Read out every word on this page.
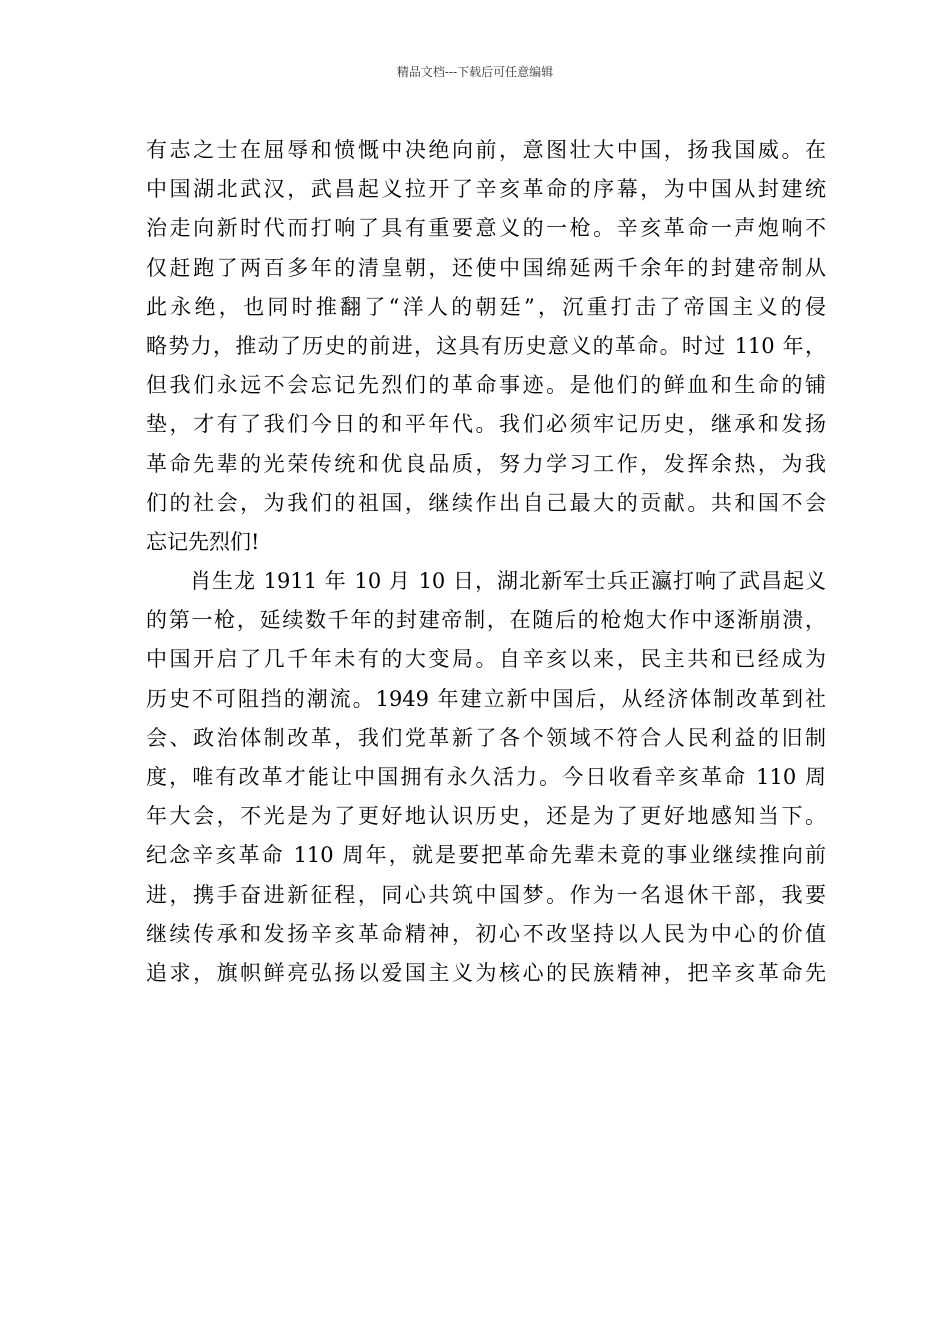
精品文档---下载后可任意编辑
有志之士在屈辱和愤慨中决绝向前，意图壮大中国，扬我国威。在
中国湖北武汉，武昌起义拉开了辛亥革命的序幕，为中国从封建统
治走向新时代而打响了具有重要意义的一枪。辛亥革命一声炮响不
仅赶跑了两百多年的清皇朝，还使中国绵延两千余年的封建帝制从
此永绝，也同时推翻了“洋人的朝廷”，沉重打击了帝国主义的侵
略势力，推动了历史的前进，这具有历史意义的革命。时过 110 年，
但我们永远不会忘记先烈们的革命事迹。是他们的鲜血和生命的铺
垫，才有了我们今日的和平年代。我们必须牢记历史，继承和发扬
革命先辈的光荣传统和优良品质，努力学习工作，发挥余热，为我
们的社会，为我们的祖国，继续作出自己最大的贡献。共和国不会
忘记先烈们!
肖生龙 1911 年 10 月 10 日，湖北新军士兵正瀛打响了武昌起义
的第一枪，延续数千年的封建帝制，在随后的枪炮大作中逐渐崩溃，
中国开启了几千年未有的大变局。自辛亥以来，民主共和已经成为
历史不可阻挡的潮流。1949 年建立新中国后，从经济体制改革到社
会、政治体制改革，我们党革新了各个领域不符合人民利益的旧制
度，唯有改革才能让中国拥有永久活力。今日收看辛亥革命 110 周
年大会，不光是为了更好地认识历史，还是为了更好地感知当下。
纪念辛亥革命 110 周年，就是要把革命先辈未竟的事业继续推向前
进，携手奋进新征程，同心共筑中国梦。作为一名退休干部，我要
继续传承和发扬辛亥革命精神，初心不改坚持以人民为中心的价值
追求，旗帜鲜亮弘扬以爱国主义为核心的民族精神，把辛亥革命先
